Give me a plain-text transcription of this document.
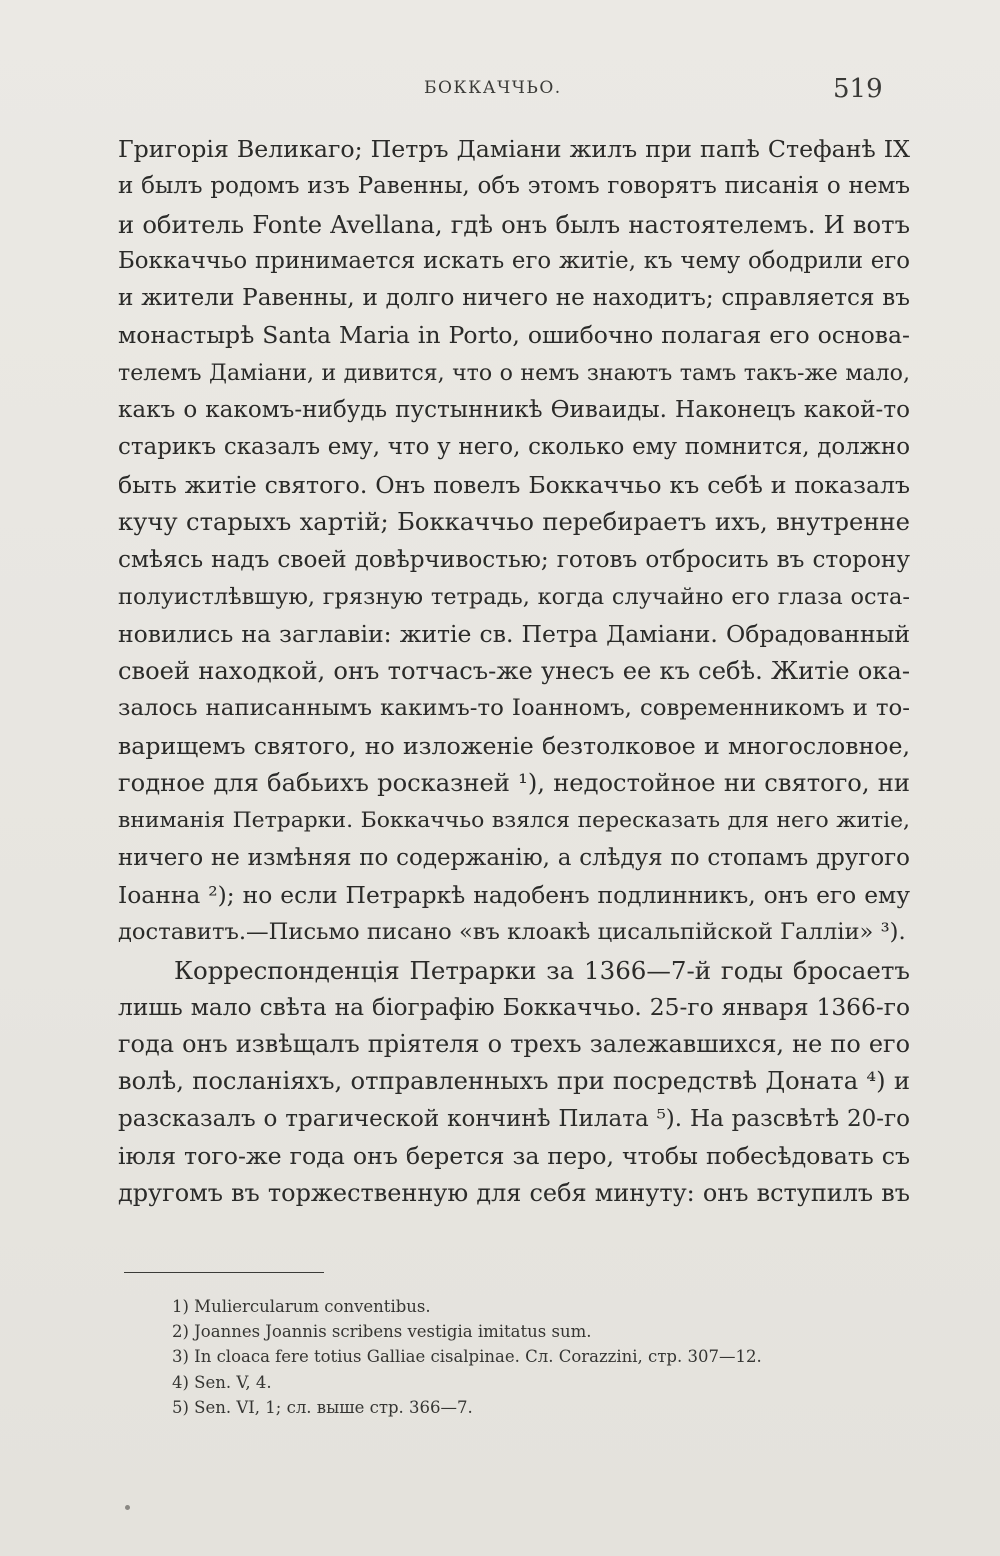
БОККАЧЧЬО.	519
Григорія Великаго; Петръ Даміани жилъ при папѣ Стефанѣ IX
и былъ родомъ изъ Равенны, объ этомъ говорятъ писанія о немъ
и обитель Fonte Avellana, гдѣ онъ былъ настоятелемъ. И вотъ
Боккаччьо принимается искать его житіе, къ чему ободрили его
и жители Равенны, и долго ничего не находитъ; справляется въ
монастырѣ Santa Maria in Porto, ошибочно полагая его основа-
телемъ Даміани, и дивится, что о немъ знаютъ тамъ такъ-же мало,
какъ о какомъ-нибудь пустынникѣ Ѳиваиды. Наконецъ какой-то
старикъ сказалъ ему, что у него, сколько ему помнится, должно
быть житіе святого. Онъ повелъ Боккаччьо къ себѣ и показалъ
кучу старыхъ хартій; Боккаччьо перебираетъ ихъ, внутренне
смѣясь надъ своей довѣрчивостью; готовъ отбросить въ сторону
полуистлѣвшую, грязную тетрадь, когда случайно его глаза оста-
новились на заглавіи: житіе св. Петра Даміани. Обрадованный
своей находкой, онъ тотчасъ-же унесъ ее къ себѣ. Житіе ока-
залось написаннымъ какимъ-то Іоанномъ, современникомъ и то-
варищемъ святого, но изложеніе безтолковое и многословное,
годное для бабьихъ росказней ¹), недостойное ни святого, ни
вниманія Петрарки. Боккаччьо взялся пересказать для него житіе,
ничего не измѣняя по содержанію, а слѣдуя по стопамъ другого
Іоанна ²); но если Петраркѣ надобенъ подлинникъ, онъ его ему
доставитъ.—Письмо писано «въ клоакѣ цисальпійской Галліи» ³).
Корреспонденція Петрарки за 1366—7-й годы бросаетъ
лишь мало свѣта на біографію Боккаччьо. 25-го января 1366-го
года онъ извѣщалъ пріятеля о трехъ залежавшихся, не по его
волѣ, посланіяхъ, отправленныхъ при посредствѣ Доната ⁴) и
разсказалъ о трагической кончинѣ Пилата ⁵). На разсвѣтѣ 20-го
іюля того-же года онъ берется за перо, чтобы побесѣдовать съ
другомъ въ торжественную для себя минуту: онъ вступилъ въ
1) Mulierculаrum conventibus.
2) Joannes Joannis scribens vestigia imitatus sum.
3) In cloaca fere totius Galliae cisalpinae. Сл. Corazzini, стр. 307—12.
4) Sen. V, 4.
5) Sen. VI, 1; сл. выше стр. 366—7.
